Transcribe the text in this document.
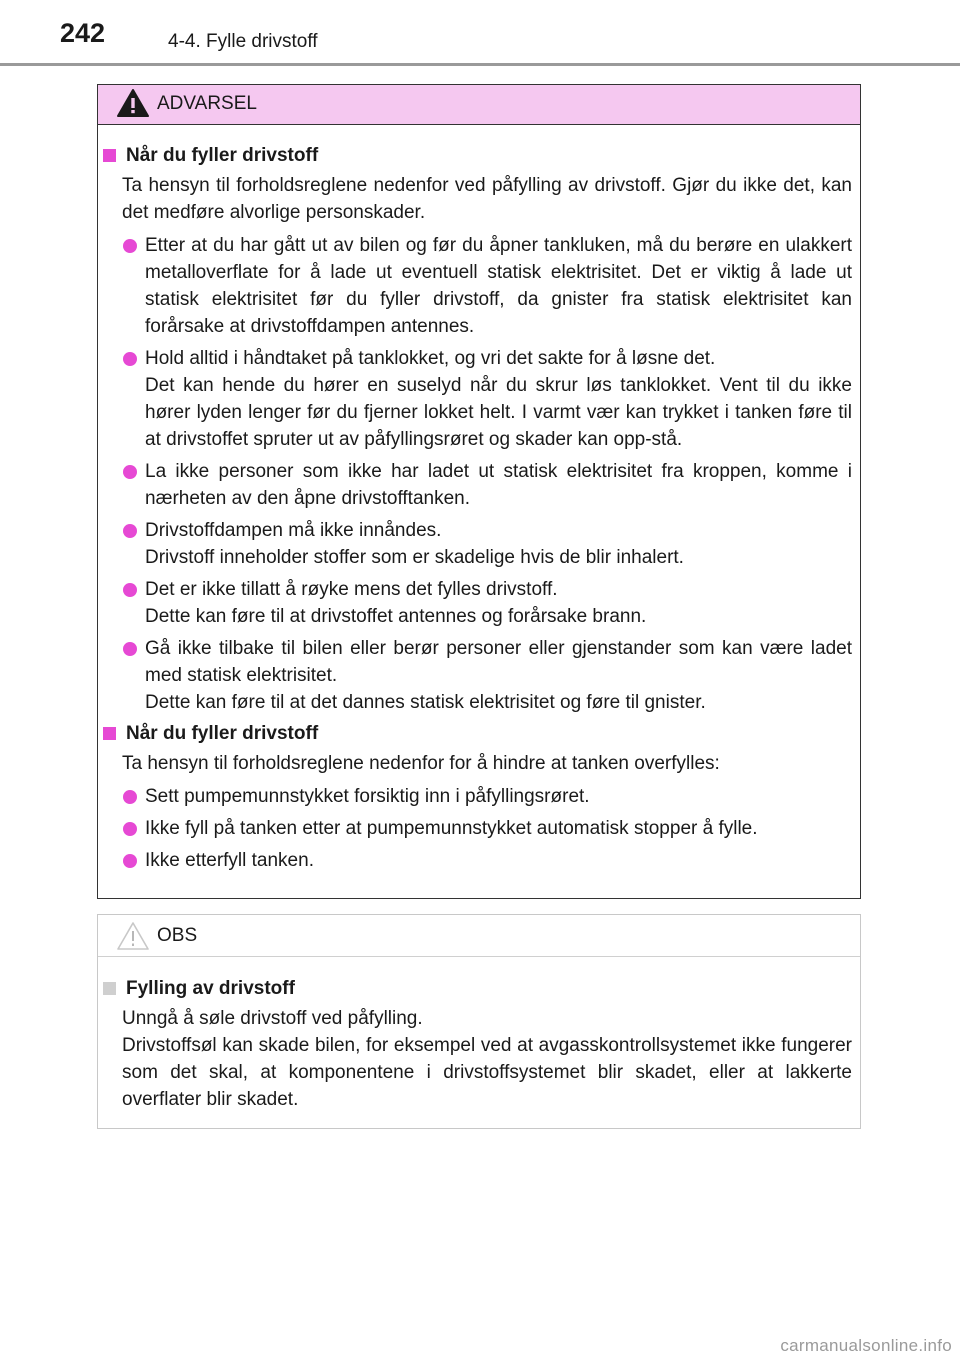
242	4-4. Fylle drivstoff
ADVARSEL
Når du fyller drivstoff
Ta hensyn til forholdsreglene nedenfor ved påfylling av drivstoff. Gjør du ikke det, kan det medføre alvorlige personskader.
Etter at du har gått ut av bilen og før du åpner tankluken, må du berøre en ulakkert metalloverflate for å lade ut eventuell statisk elektrisitet. Det er viktig å lade ut statisk elektrisitet før du fyller drivstoff, da gnister fra statisk elektrisitet kan forårsake at drivstoffdampen antennes.
Hold alltid i håndtaket på tanklokket, og vri det sakte for å løsne det.
Det kan hende du hører en suselyd når du skrur løs tanklokket. Vent til du ikke hører lyden lenger før du fjerner lokket helt. I varmt vær kan trykket i tanken føre til at drivstoffet spruter ut av påfyllingsrøret og skader kan opp-stå.
La ikke personer som ikke har ladet ut statisk elektrisitet fra kroppen, komme i nærheten av den åpne drivstofftanken.
Drivstoffdampen må ikke innåndes.
Drivstoff inneholder stoffer som er skadelige hvis de blir inhalert.
Det er ikke tillatt å røyke mens det fylles drivstoff.
Dette kan føre til at drivstoffet antennes og forårsake brann.
Gå ikke tilbake til bilen eller berør personer eller gjenstander som kan være ladet med statisk elektrisitet.
Dette kan føre til at det dannes statisk elektrisitet og føre til gnister.
Når du fyller drivstoff
Ta hensyn til forholdsreglene nedenfor for å hindre at tanken overfylles:
Sett pumpemunnstykket forsiktig inn i påfyllingsrøret.
Ikke fyll på tanken etter at pumpemunnstykket automatisk stopper å fylle.
Ikke etterfyll tanken.
OBS
Fylling av drivstoff
Unngå å søle drivstoff ved påfylling.
Drivstoffsøl kan skade bilen, for eksempel ved at avgasskontrollsystemet ikke fungerer som det skal, at komponentene i drivstoffsystemet blir skadet, eller at lakkerte overflater blir skadet.
carmanualsonline.info
